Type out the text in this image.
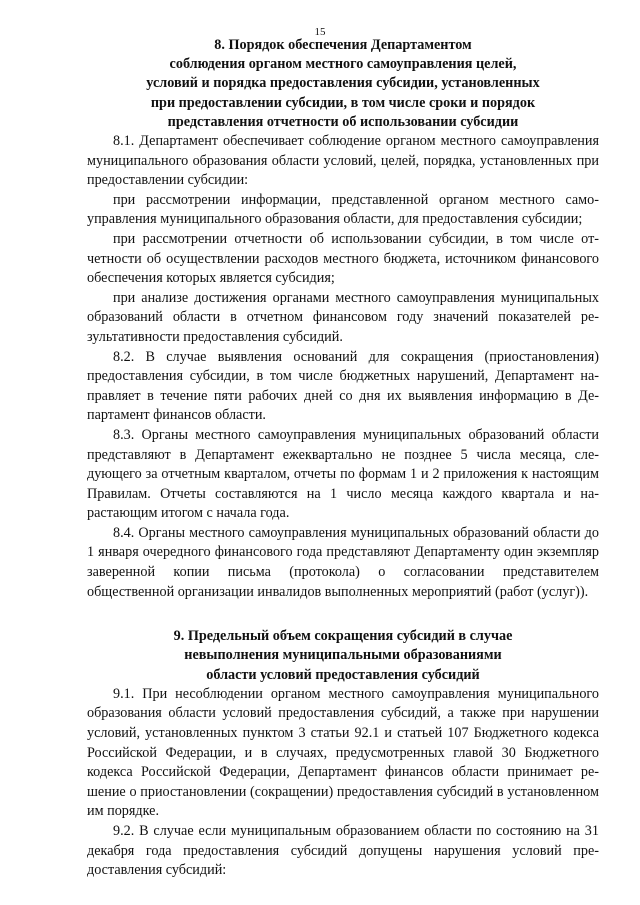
15
8. Порядок обеспечения Департаментом
соблюдения органом местного самоуправления целей,
условий и порядка предоставления субсидии, установленных
при предоставлении субсидии, в том числе сроки и порядок
представления отчетности об использовании субсидии

8.1. Департамент обеспечивает соблюдение органом местного самоуправления муниципального образования области условий, целей, порядка, установленных при предоставлении субсидии:

при рассмотрении информации, представленной органом местного самоуправления муниципального образования области, для предоставления субсидии;

при рассмотрении отчетности об использовании субсидии, в том числе отчетности об осуществлении расходов местного бюджета, источником финансового обеспечения которых является субсидия;

при анализе достижения органами местного самоуправления муниципальных образований области в отчетном финансовом году значений показателей результативности предоставления субсидий.

8.2. В случае выявления оснований для сокращения (приостановления) предоставления субсидии, в том числе бюджетных нарушений, Департамент направляет в течение пяти рабочих дней со дня их выявления информацию в Департамент финансов области.

8.3. Органы местного самоуправления муниципальных образований области представляют в Департамент ежеквартально не позднее 5 числа месяца, следующего за отчетным кварталом, отчеты по формам 1 и 2 приложения к настоящим Правилам. Отчеты составляются на 1 число месяца каждого квартала и нарастающим итогом с начала года.

8.4. Органы местного самоуправления муниципальных образований области до 1 января очередного финансового года представляют Департаменту один экземпляр заверенной копии письма (протокола) о согласовании представителем общественной организации инвалидов выполненных мероприятий (работ (услуг)).

9. Предельный объем сокращения субсидий в случае
невыполнения муниципальными образованиями
области условий предоставления субсидий

9.1. При несоблюдении органом местного самоуправления муниципального образования области условий предоставления субсидий, а также при нарушении условий, установленных пунктом 3 статьи 92.1 и статьей 107 Бюджетного кодекса Российской Федерации, и в случаях, предусмотренных главой 30 Бюджетного кодекса Российской Федерации, Департамент финансов области принимает решение о приостановлении (сокращении) предоставления субсидий в установленном им порядке.

9.2. В случае если муниципальным образованием области по состоянию на 31 декабря года предоставления субсидий допущены нарушения условий предоставления субсидий:
